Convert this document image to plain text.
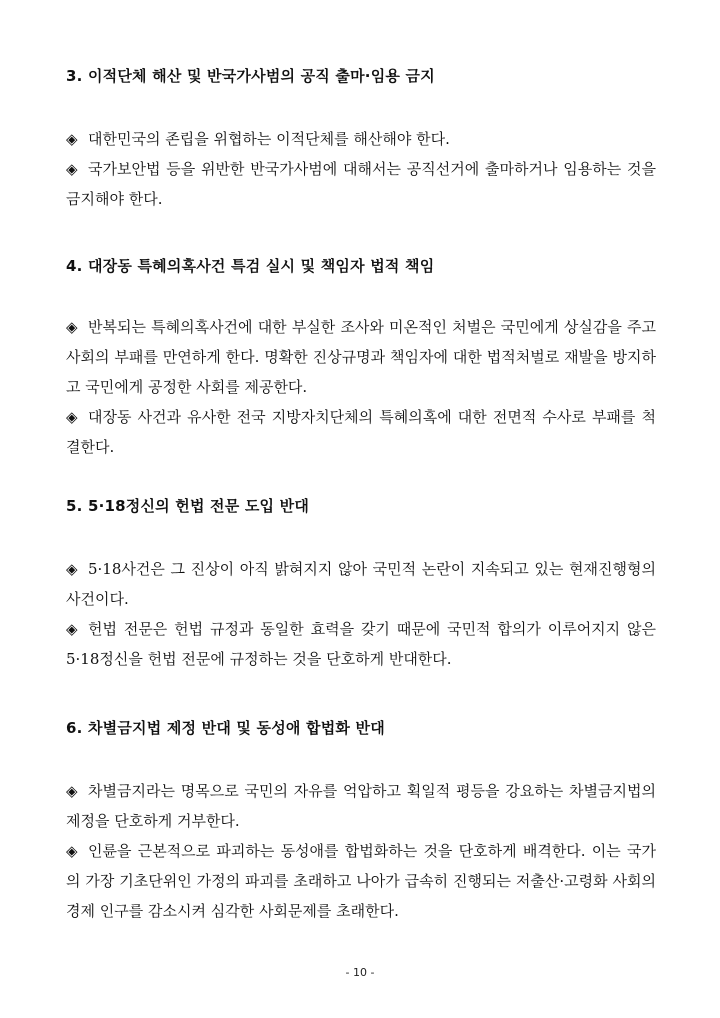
3. 이적단체 해산 및 반국가사범의 공직 출마·임용 금지

◈ 대한민국의 존립을 위협하는 이적단체를 해산해야 한다.

◈ 국가보안법 등을 위반한 반국가사범에 대해서는 공직선거에 출마하거나 임용하는 것을 금지해야 한다.

4. 대장동 특혜의혹사건 특검 실시 및 책임자 법적 책임

◈ 반복되는 특혜의혹사건에 대한 부실한 조사와 미온적인 처벌은 국민에게 상실감을 주고 사회의 부패를 만연하게 한다. 명확한 진상규명과 책임자에 대한 법적처벌로 재발을 방지하고 국민에게 공정한 사회를 제공한다.

◈ 대장동 사건과 유사한 전국 지방자치단체의 특혜의혹에 대한 전면적 수사로 부패를 척결한다.

5. 5·18정신의 헌법 전문 도입 반대

◈ 5·18사건은 그 진상이 아직 밝혀지지 않아 국민적 논란이 지속되고 있는 현재진행형의 사건이다.

◈ 헌법 전문은 헌법 규정과 동일한 효력을 갖기 때문에 국민적 합의가 이루어지지 않은 5·18정신을 헌법 전문에 규정하는 것을 단호하게 반대한다.

6. 차별금지법 제정 반대 및 동성애 합법화 반대

◈ 차별금지라는 명목으로 국민의 자유를 억압하고 획일적 평등을 강요하는 차별금지법의 제정을 단호하게 거부한다.

◈ 인륜을 근본적으로 파괴하는 동성애를 합법화하는 것을 단호하게 배격한다. 이는 국가의 가장 기초단위인 가정의 파괴를 초래하고 나아가 급속히 진행되는 저출산·고령화 사회의 경제 인구를 감소시켜 심각한 사회문제를 초래한다.

- 10 -
